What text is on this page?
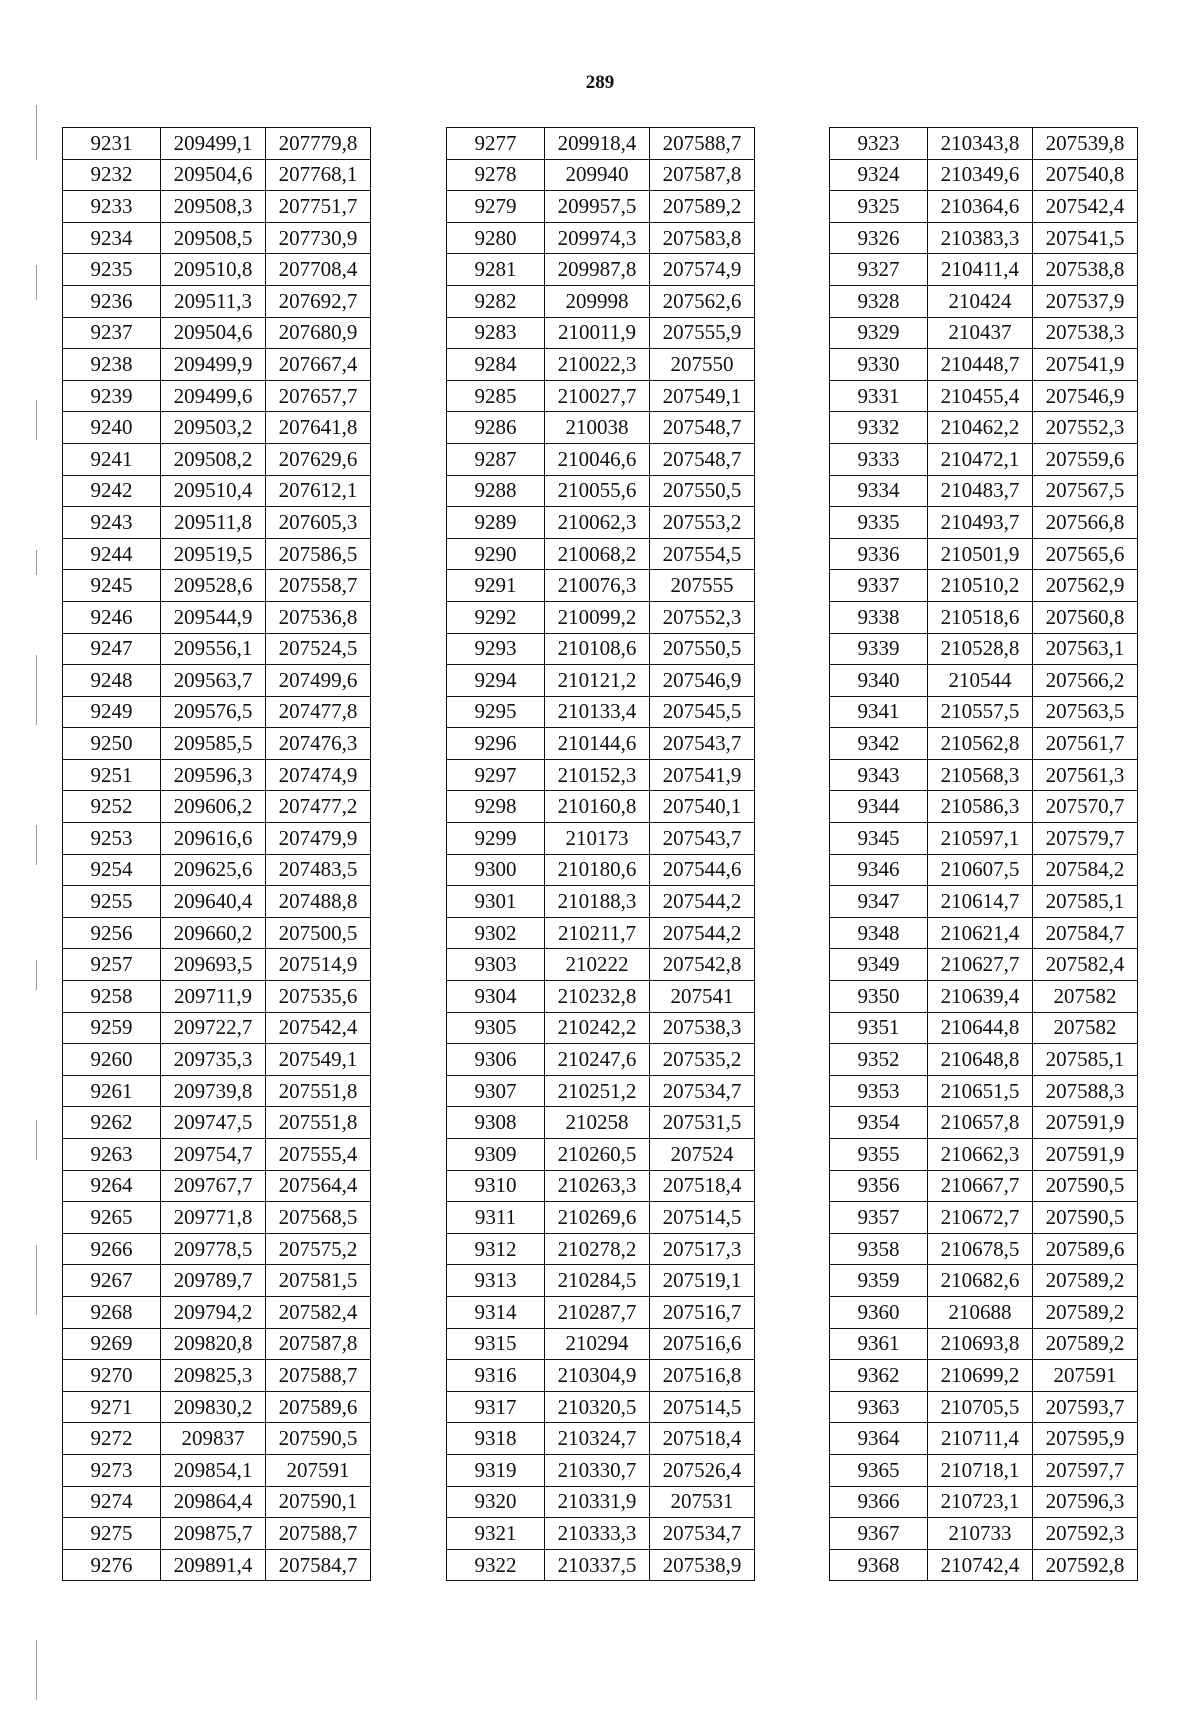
289
9231	209499,1	207779,8
9232	209504,6	207768,1
9233	209508,3	207751,7
9234	209508,5	207730,9
9235	209510,8	207708,4
9236	209511,3	207692,7
9237	209504,6	207680,9
9238	209499,9	207667,4
9239	209499,6	207657,7
9240	209503,2	207641,8
9241	209508,2	207629,6
9242	209510,4	207612,1
9243	209511,8	207605,3
9244	209519,5	207586,5
9245	209528,6	207558,7
9246	209544,9	207536,8
9247	209556,1	207524,5
9248	209563,7	207499,6
9249	209576,5	207477,8
9250	209585,5	207476,3
9251	209596,3	207474,9
9252	209606,2	207477,2
9253	209616,6	207479,9
9254	209625,6	207483,5
9255	209640,4	207488,8
9256	209660,2	207500,5
9257	209693,5	207514,9
9258	209711,9	207535,6
9259	209722,7	207542,4
9260	209735,3	207549,1
9261	209739,8	207551,8
9262	209747,5	207551,8
9263	209754,7	207555,4
9264	209767,7	207564,4
9265	209771,8	207568,5
9266	209778,5	207575,2
9267	209789,7	207581,5
9268	209794,2	207582,4
9269	209820,8	207587,8
9270	209825,3	207588,7
9271	209830,2	207589,6
9272	209837	207590,5
9273	209854,1	207591
9274	209864,4	207590,1
9275	209875,7	207588,7
9276	209891,4	207584,7
9277	209918,4	207588,7
9278	209940	207587,8
9279	209957,5	207589,2
9280	209974,3	207583,8
9281	209987,8	207574,9
9282	209998	207562,6
9283	210011,9	207555,9
9284	210022,3	207550
9285	210027,7	207549,1
9286	210038	207548,7
9287	210046,6	207548,7
9288	210055,6	207550,5
9289	210062,3	207553,2
9290	210068,2	207554,5
9291	210076,3	207555
9292	210099,2	207552,3
9293	210108,6	207550,5
9294	210121,2	207546,9
9295	210133,4	207545,5
9296	210144,6	207543,7
9297	210152,3	207541,9
9298	210160,8	207540,1
9299	210173	207543,7
9300	210180,6	207544,6
9301	210188,3	207544,2
9302	210211,7	207544,2
9303	210222	207542,8
9304	210232,8	207541
9305	210242,2	207538,3
9306	210247,6	207535,2
9307	210251,2	207534,7
9308	210258	207531,5
9309	210260,5	207524
9310	210263,3	207518,4
9311	210269,6	207514,5
9312	210278,2	207517,3
9313	210284,5	207519,1
9314	210287,7	207516,7
9315	210294	207516,6
9316	210304,9	207516,8
9317	210320,5	207514,5
9318	210324,7	207518,4
9319	210330,7	207526,4
9320	210331,9	207531
9321	210333,3	207534,7
9322	210337,5	207538,9
9323	210343,8	207539,8
9324	210349,6	207540,8
9325	210364,6	207542,4
9326	210383,3	207541,5
9327	210411,4	207538,8
9328	210424	207537,9
9329	210437	207538,3
9330	210448,7	207541,9
9331	210455,4	207546,9
9332	210462,2	207552,3
9333	210472,1	207559,6
9334	210483,7	207567,5
9335	210493,7	207566,8
9336	210501,9	207565,6
9337	210510,2	207562,9
9338	210518,6	207560,8
9339	210528,8	207563,1
9340	210544	207566,2
9341	210557,5	207563,5
9342	210562,8	207561,7
9343	210568,3	207561,3
9344	210586,3	207570,7
9345	210597,1	207579,7
9346	210607,5	207584,2
9347	210614,7	207585,1
9348	210621,4	207584,7
9349	210627,7	207582,4
9350	210639,4	207582
9351	210644,8	207582
9352	210648,8	207585,1
9353	210651,5	207588,3
9354	210657,8	207591,9
9355	210662,3	207591,9
9356	210667,7	207590,5
9357	210672,7	207590,5
9358	210678,5	207589,6
9359	210682,6	207589,2
9360	210688	207589,2
9361	210693,8	207589,2
9362	210699,2	207591
9363	210705,5	207593,7
9364	210711,4	207595,9
9365	210718,1	207597,7
9366	210723,1	207596,3
9367	210733	207592,3
9368	210742,4	207592,8
